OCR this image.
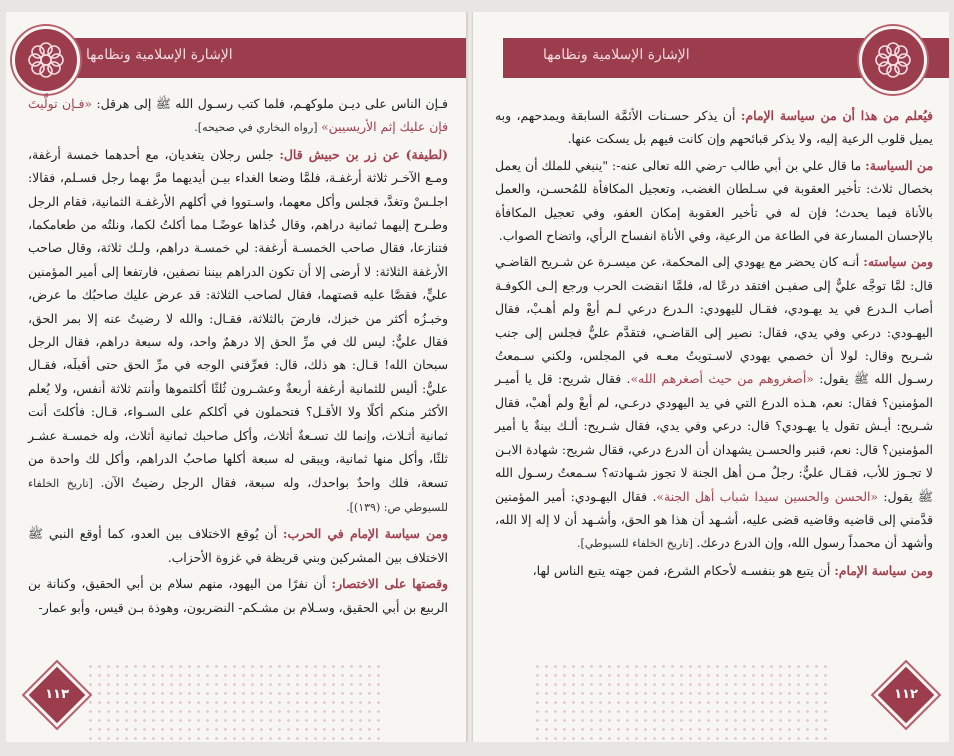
الإشارة الإسلامية ونظامها

فـإن الناس على ديـن ملوكهـم، فلما كتب رسـول الله ﷺ إلى هرقل: «فـإن تولَّيتَ فإن عليك إثم الأريسيين» [رواه البخاري في صحيحه].

(لطيفة) عن زر بن حبيش قال: جلس رجلان يتغديان، مع أحدهما خمسة أرغفة، ومـع الآخـر ثلاثة أرغفـة، فلمَّا وضعا الغداء بيـن أيديهما مرَّ بهما رجل فسـلم، فقالا: اجلـسْ وتغدَّ، فجلس وأكل معهما، واسـتووا في أكلهم الأرغفـة الثمانية، فقام الرجل وطـرح إليهما ثمانية دراهم، وقال خُذاها عوضًـا مما أكلتُ لكما، ونلتُه من طعامكما، فتنازعا، فقال صاحب الخمسـة أرغفة: لي خمسـة دراهم، ولـك ثلاثة، وقال صاحب الأرغفة الثلاثة: لا أرضى إلا أن تكون الدراهم بيننا نصفين، فارتفعا إلى أمير المؤمنين عليٍّ، فقصَّا عليه قصتهما، فقال لصاحب الثلاثة: قد عرض عليك صاحبُك ما عرض، وخبـزُه أكثر من خبزك، فارضَ بالثلاثة، فقـال: والله لا رضيتُ عنه إلا بمر الحق، فقال عليٌّ: ليس لك في مرِّ الحق إلا درهمٌ واحد، وله سبعة دراهم، فقال الرجل سبحان الله! قـال: هو ذلك، قال: فعرِّفني الوجه في مرِّ الحق حتى أقبلَه، فقـال عليٌّ: أليس للثمانية أرغفة أربعةٌ وعشـرون ثُلثًا أكلتموها وأنتم ثلاثة أنفس، ولا يُعلم الأكثر منكم أكلًا ولا الأقـل؟ فتحملون في أكلكم على السـواء، قـال: فأكلتَ أنت ثمانية أثـلاث، وإنما لك تسـعةٌ أثلاث، وأكل صاحبك ثمانية أثلاث، وله خمسـة عشـر ثلثًا، وأكل منها ثمانية، ويبقى له سبعة أكلها صاحبُ الدراهم، وأكل لك واحدة من تسعة، فلك واحدٌ بواحدك، وله سبعة، فقال الرجل رضيتُ الآن. [تاريخ الخلفاء للسيوطي ص: (١٣٩)].

ومن سياسة الإمام في الحرب: أن يُوقع الاختلاف بين العدو، كما أوقع النبي ﷺ الاختلاف بين المشركين وبني قريظة في غزوة الأحزاب.

وقصتها على الاختصار: أن نفرًا من اليهود، منهم سلام بن أبي الحقيق، وكنانة بن الربيع بن أبي الحقيق، وسـلام بن مشـكم- النضريون، وهوذة بـن قيس، وأبو عمار-

١١٣
الإشارة الإسلامية ونظامها

فيُعلم من هذا أن من سياسة الإمام: أن يذكر حسـنات الأئمَّة السابقة ويمدحهم، وبه يميل قلوب الرعية إليه، ولا يذكر قبائحهم وإن كانت فيهم بل يسكت عنها.

من السياسة: ما قال علي بن أبي طالب -رضي الله تعالى عنه-: "ينبغي للملك أن يعمل بخصال ثلاث: تأخير العقوبة في سـلطان الغضب، وتعجيل المكافأة للمُحسـن، والعمل بالأناة فيما يحدث؛ فإن له في تأخير العقوبة إمكان العفو، وفي تعجيل المكافأة بالإحسان المسارعة في الطاعة من الرعية، وفي الأناة انفساح الرأي، واتضاح الصواب.

ومن سياسته: أنـه كان يحضر مع يهودي إلى المحكمة، عن ميسـرة عن شـريح القاضـي قال: لمَّا توجَّه عليٌّ إلى صفيـن افتقد درعًا له، فلمَّا انقضت الحرب ورجع إلـى الكوفـة أصاب الـدرع في يد يهـودي، فقـال لليهودي: الـدرع درعي لـم أبعْ ولم أهـبْ، فقال اليهـودي: درعي وفي يدي، فقال: نصير إلى القاضـي، فتقدَّم عليٌّ فجلس إلى جنب شـريح وقال: لولا أن خصمي يهودي لاسـتويتُ معـه في المجلس، ولكني سـمعتُ رسـول الله ﷺ يقول: «أصغروهم من حيث أصغرهم الله». فقال شريح: قل يا أميـر المؤمنين؟ فقال: نعم، هـذه الدرع التي في يد اليهودي درعـي، لم أبعْ ولم أهبْ، فقال شـريح: أيـش تقول يا يهـودي؟ قال: درعي وفي يدي، فقال شـريح: ألـك بينةٌ يا أمير المؤمنين؟ قال: نعم، قنبر والحسـن يشهدان أن الدرع درعي، فقال شريح: شهادة الابـن لا تجـوز للأب، فقـال عليٌّ: رجلٌ مـن أهل الجنة لا تجوز شـهادته؟ سـمعتُ رسـول الله ﷺ يقول: «الحسن والحسين سيدا شباب أهل الجنة». فقال اليهـودي: أمير المؤمنين قدَّمني إلى قاضيه وقاضيه قضى عليه، أشـهد أن هذا هو الحق، وأشـهد أن لا إله إلا الله، وأشهد أن محمداً رسول الله، وإن الدرع درعك. [تاريخ الخلفاء للسيوطي].

ومن سياسة الإمام: أن يتبع هو بنفسـه لأحكام الشرع، فمن جهته يتبع الناس لها،

١١٢
